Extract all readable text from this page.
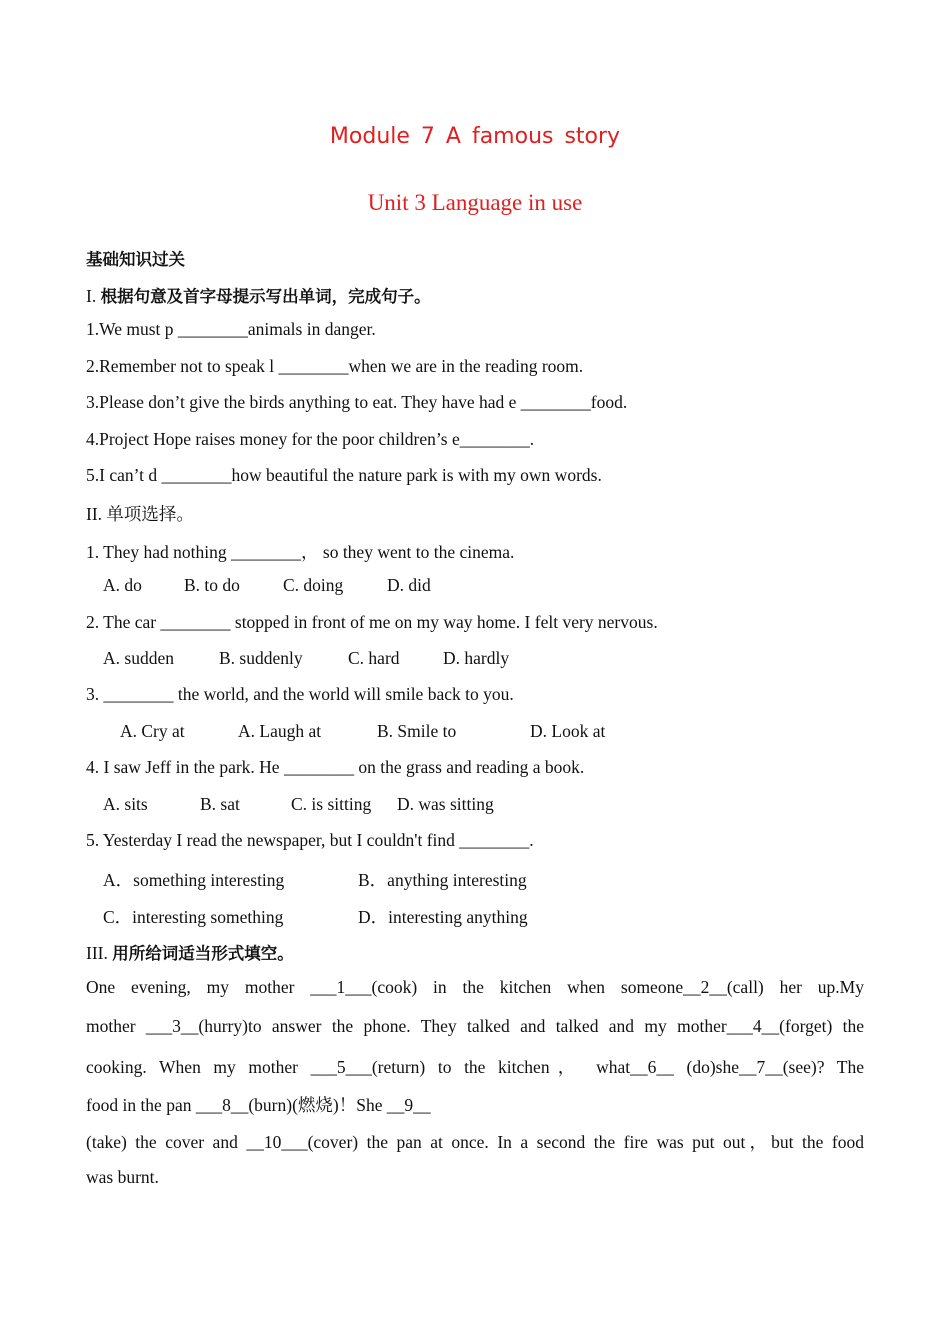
Module 7 A famous story
Unit 3 Language in use
基础知识过关
I. 根据句意及首字母提示写出单词，完成句子。
1.We must p ________animals in danger.
2.Remember not to speak l ________when we are in the reading room.
3.Please don’t give the birds anything to eat. They have had e ________food.
4.Project Hope raises money for the poor children’s e________.
5.I can’t d ________how beautiful the nature park is with my own words.
II. 单项选择。
1. They had nothing ________， so they went to the cinema.
A. do B. to do C. doing D. did
2. The car ________ stopped in front of me on my way home. I felt very nervous.
A. sudden	B. suddenly	C. hard D. hardly
3. ________ the world, and the world will smile back to you.
A. Cry at	A. Laugh at	B. Smile to	D. Look at
4. I saw Jeff in the park. He ________ on the grass and reading a book.
A. sits	B. sat	C. is sitting D. was sitting
5. Yesterday I read the newspaper, but I couldn't find ________.
A．something interesting	B．anything interesting
C．interesting something	D．interesting anything
III. 用所给词适当形式填空。
One evening, my mother ___1___(cook) in the kitchen when someone__2__(call) her up.My
mother ___3__(hurry)to answer the phone. They talked and talked and my mother___4__(forget) the
cooking. When my mother ___5___(return) to the kitchen， what__6__ (do)she__7__(see)? The
food in the pan ___8__(burn)(燃烧)！She __9__
(take) the cover and __10___(cover) the pan at once. In a second the fire was put out，but the food
was burnt.
